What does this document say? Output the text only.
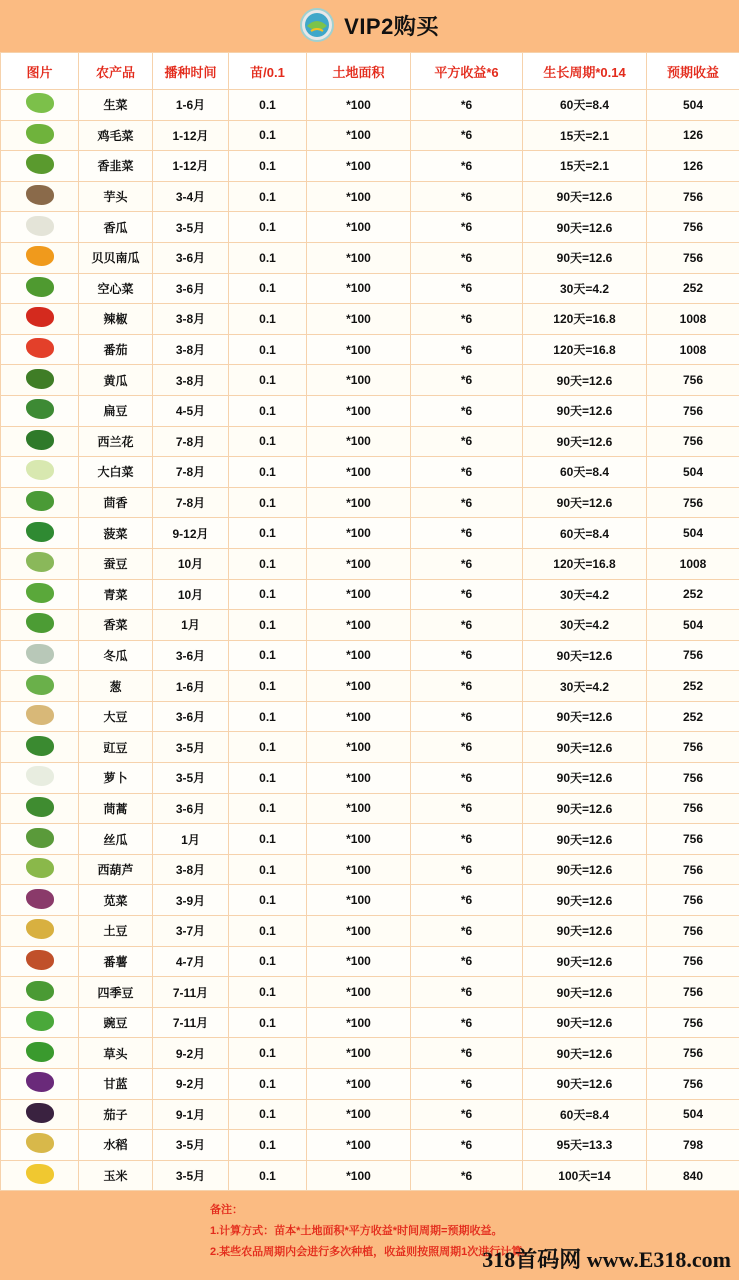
VIP2购买
图片	农产品	播种时间	苗/0.1	土地面积	平方收益*6	生长周期*0.14	预期收益
	生菜	1-6月	0.1	*100	*6	60天=8.4	504
	鸡毛菜	1-12月	0.1	*100	*6	15天=2.1	126
	香韭菜	1-12月	0.1	*100	*6	15天=2.1	126
	芋头	3-4月	0.1	*100	*6	90天=12.6	756
	香瓜	3-5月	0.1	*100	*6	90天=12.6	756
	贝贝南瓜	3-6月	0.1	*100	*6	90天=12.6	756
	空心菜	3-6月	0.1	*100	*6	30天=4.2	252
	辣椒	3-8月	0.1	*100	*6	120天=16.8	1008
	番茄	3-8月	0.1	*100	*6	120天=16.8	1008
	黄瓜	3-8月	0.1	*100	*6	90天=12.6	756
	扁豆	4-5月	0.1	*100	*6	90天=12.6	756
	西兰花	7-8月	0.1	*100	*6	90天=12.6	756
	大白菜	7-8月	0.1	*100	*6	60天=8.4	504
	茴香	7-8月	0.1	*100	*6	90天=12.6	756
	菠菜	9-12月	0.1	*100	*6	60天=8.4	504
	蚕豆	10月	0.1	*100	*6	120天=16.8	1008
	青菜	10月	0.1	*100	*6	30天=4.2	252
	香菜	1月	0.1	*100	*6	30天=4.2	504
	冬瓜	3-6月	0.1	*100	*6	90天=12.6	756
	葱	1-6月	0.1	*100	*6	30天=4.2	252
	大豆	3-6月	0.1	*100	*6	90天=12.6	252
	豇豆	3-5月	0.1	*100	*6	90天=12.6	756
	萝卜	3-5月	0.1	*100	*6	90天=12.6	756
	茼蒿	3-6月	0.1	*100	*6	90天=12.6	756
	丝瓜	1月	0.1	*100	*6	90天=12.6	756
	西葫芦	3-8月	0.1	*100	*6	90天=12.6	756
	苋菜	3-9月	0.1	*100	*6	90天=12.6	756
	土豆	3-7月	0.1	*100	*6	90天=12.6	756
	番薯	4-7月	0.1	*100	*6	90天=12.6	756
	四季豆	7-11月	0.1	*100	*6	90天=12.6	756
	豌豆	7-11月	0.1	*100	*6	90天=12.6	756
	草头	9-2月	0.1	*100	*6	90天=12.6	756
	甘蓝	9-2月	0.1	*100	*6	90天=12.6	756
	茄子	9-1月	0.1	*100	*6	60天=8.4	504
	水稻	3-5月	0.1	*100	*6	95天=13.3	798
	玉米	3-5月	0.1	*100	*6	100天=14	840
备注：
1.计算方式：苗本*土地面积*平方收益*时间周期=预期收益。
2.某些农品周期内会进行多次种植，收益则按照周期1次进行计算。
318首码网 www.E318.com
